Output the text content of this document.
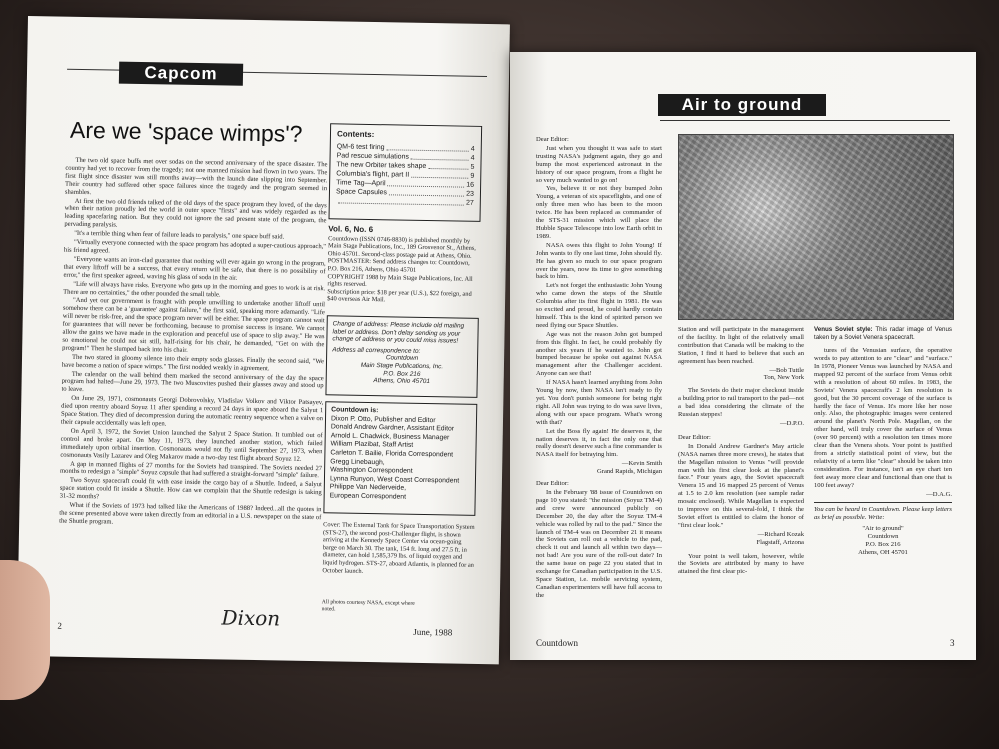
Capcom
Are we 'space wimps'?

The two old space buffs met over sodas on the second anniversary of the space disaster. The country had yet to recover from the tragedy; not one manned mission had flown in two years. The first flight since disaster was still months away—with the launch date slipping into September. Their country had suffered other space failures since the tragedy and the program seemed in shambles.

At first the two old friends talked of the old days of the space program they loved, of the days when their nation proudly led the world in outer space "firsts" and was widely regarded as the leading spacefaring nation. But they could not ignore the sad present state of the program, the pervading paralysis.

"It's a terrible thing when fear of failure leads to paralysis," one space buff said.

"Virtually everyone connected with the space program has adopted a super-cautious approach," his friend agreed.

"Everyone wants an iron-clad guarantee that nothing will ever again go wrong in the program, that every liftoff will be a success, that every return will be safe, that there is no possibility of error," the first speaker agreed, waving his glass of soda in the air.

"Life will always have risks. Everyone who gets up in the morning and goes to work is at risk. There are no certainties," the other pounded the small table.

"And yet our government is fraught with people unwilling to undertake another liftoff until somehow there can be a 'guarantee' against failure," the first said, speaking more adamantly. "Life will never be risk-free, and the space program never will be either. The space program cannot wait for guarantees that will never be forthcoming, because to promise success is insane. We cannot allow the gains we have made in the exploration and peaceful use of space to slip away." He was so emotional he could not sit still, half-rising for his chair, he demanded, "Get on with the program!" Then he slumped back into his chair.

The two stared in gloomy silence into their empty soda glasses. Finally the second said, "We have become a nation of space wimps." The first nodded weakly in agreement.

The calendar on the wall behind them marked the second anniversary of the day the space program had halted—June 29, 1973. The two Muscovites pushed their glasses away and stood up to leave.

On June 29, 1971, cosmonauts Georgi Dobrovolsky, Vladislav Volkov and Viktor Patsayev, died upon reentry aboard Soyuz 11 after spending a record 24 days in space aboard the Salyut 1 Space Station. They died of decompression during the automatic reentry sequence when a valve on their capsule accidentally was left open.

On April 3, 1972, the Soviet Union launched the Salyut 2 Space Station. It tumbled out of control and broke apart. On May 11, 1973, they launched another station, which failed immediately upon orbital insertion. Cosmonauts would not fly until September 27, 1973, when cosmonauts Vasily Lazarev and Oleg Makarov made a two-day test flight aboard Soyuz 12.

A gap in manned flights of 27 months for the Soviets had transpired. The Soviets needed 27 months to redesign a "simple" Soyuz capsule that had suffered a straight-forward "simple" failure.

Two Soyuz spacecraft could fit with ease inside the cargo bay of a Shuttle. Indeed, a Salyut space station could fit inside a Shuttle. How can we complain that the Shuttle redesign is taking 31-32 months?

What if the Soviets of 1973 had talked like the Americans of 1988? Indeed...all the quotes in the scene presented above were taken directly from an editorial in a U.S. newspaper on the state of the Shuttle program.

Contents:
QM-6 test firing	4
Pad rescue simulations	4
The new Orbiter takes shape	5
Columbia's flight, part II	9
Time Tag—April	16
Space Capsules	23
27
Vol. 6, No. 6
Countdown (ISSN 0746-8830) is published monthly by Main Stage Publications, Inc., 189 Grosvenor St., Athens, Ohio 45701. Second-class postage paid at Athens, Ohio.
POSTMASTER: Send address changes to: Countdown, P.O. Box 216, Athens, Ohio 45701
COPYRIGHT 1988 by Main Stage Publications, Inc. All rights reserved.
Subscription price: $18 per year (U.S.), $22 foreign, and $40 overseas Air Mail.
Change of address: Please include old mailing label or address. Don't delay sending us your change of address or you could miss issues!
Address all correspondence to:
Countdown
Main Stage Publications, Inc.
P.O. Box 216
Athens, Ohio 45701
Countdown is:
Dixon P. Otto, Publisher and Editor
Donald Andrew Gardner, Assistant Editor
Arnold L. Chadwick, Business Manager
William Plazibat, Staff Artist
Carleton T. Bailie, Florida Correspondent
Gregg Linebaugh,
Washington Correspondent
Lynna Runyon, West Coast Correspondent
Philippe Van Nederveide,
European Correspondent
Cover: The External Tank for Space Transportation System (STS-27), the second post-Challenger flight, is shown arriving at the Kennedy Space Center via ocean-going barge on March 30. The tank, 154 ft. long and 27.5 ft. in diameter, can hold 1,585,379 lbs. of liquid oxygen and liquid hydrogen. STS-27, aboard Atlantis, is planned for an October launch.
All photos courtesy NASA, except where noted.
2	Dixon
June, 1988
Air to ground

Dear Editor:

Just when you thought it was safe to start trusting NASA's judgment again, they go and bump the most experienced astronaut in the history of our space program, from a flight he so very much wanted to go on!

Yes, believe it or not they bumped John Young, a veteran of six spaceflights, and one of only three men who has been to the moon twice. He has been replaced as commander of the STS-31 mission which will place the Hubble Space Telescope into low Earth orbit in 1989.

NASA owes this flight to John Young! If John wants to fly one last time, John should fly. He has given so much to our space program over the years, now its time to give something back to him.

Let's not forget the enthusiastic John Young who came down the steps of the Shuttle Columbia after its first flight in 1981. He was so excited and proud, he could hardly contain himself. This is the kind of spirited person we need flying our Space Shuttles.

Age was not the reason John got bumped from this flight. In fact, he could probably fly another six years if he wanted to. John got bumped because he spoke out against NASA management after the Challenger accident. Anyone can see that!

If NASA hasn't learned anything from John Young by now, then NASA isn't ready to fly yet. You don't punish someone for being right right. All John was trying to do was save lives, along with our space program. What's wrong with that?

Let the Boss fly again! He deserves it, the nation deserves it, in fact the only one that really doesn't deserve such a fine commander is NASA itself for betraying him.

—Kevin Smith
Grand Rapids, Michigan

Dear Editor:

In the February '88 issue of Countdown on page 10 you stated: "the mission (Soyuz TM-4) and crew were announced publicly on December 20, the day after the Soyuz TM-4 vehicle was rolled by rail to the pad." Since the launch of TM-4 was on December 21 it means the Soviets can roll out a vehicle to the pad, check it out and launch all within two days—not bad! Are you sure of the roll-out date? In the same issue on page 22 you stated that in exchange for Canadian participation in the U.S. Space Station, i.e. mobile servicing system, Canadian experimenters will have full access to the

Station and will participate in the management of the facility. In light of the relatively small contribution that Canada will be making to the Station, I find it hard to believe that such an agreement has been reached.

—Bob Tuttle
Ton, New York

The Soviets do their major checkout inside a building prior to rail transport to the pad—not a bad idea considering the climate of the Russian steppes!

—D.P.O.

Dear Editor:

In Donald Andrew Gardner's May article (NASA names three more crews), he states that the Magellan mission to Venus "will provide man with his first clear look at the planet's face." Four years ago, the Soviet spacecraft Venera 15 and 16 mapped 25 percent of Venus at 1.5 to 2.0 km resolution (see sample radar mosaic enclosed). While Magellan is expected to improve on this several-fold, I think the Soviet effort is entitled to claim the honor of "first clear look."

—Richard Kozak
Flagstaff, Arizona

Your point is well taken, however, while the Soviets are attributed by many to have attained the first clear pic-

Venus Soviet style: This radar image of Venus taken by a Soviet Venera spacecraft.

tures of the Venusian surface, the operative words to pay attention to are "clear" and "surface." In 1978, Pioneer Venus was launched by NASA and mapped 92 percent of the surface from Venus orbit with a resolution of about 60 miles. In 1983, the Soviets' Venera spacecraft's 2 km resolution is good, but the 30 percent coverage of the surface is hardly the face of Venus. It's more like her nose only. Also, the photographic images were centered around the planet's North Pole. Magellan, on the other hand, will truly cover the surface of Venus (over 90 percent) with a resolution ten times more clear than the Venera shots. Your point is justified from a strictly statistical point of view, but the relativity of a term like "clear" should be taken into consideration. For instance, isn't an eye chart ten feet away more clear and functional than one that is 100 feet away?

—D.A.G.
You can be heard in Countdown. Please keep letters as brief as possible. Write:
"Air to ground"
Countdown
P.O. Box 216
Athens, OH 45701
Countdown	3
